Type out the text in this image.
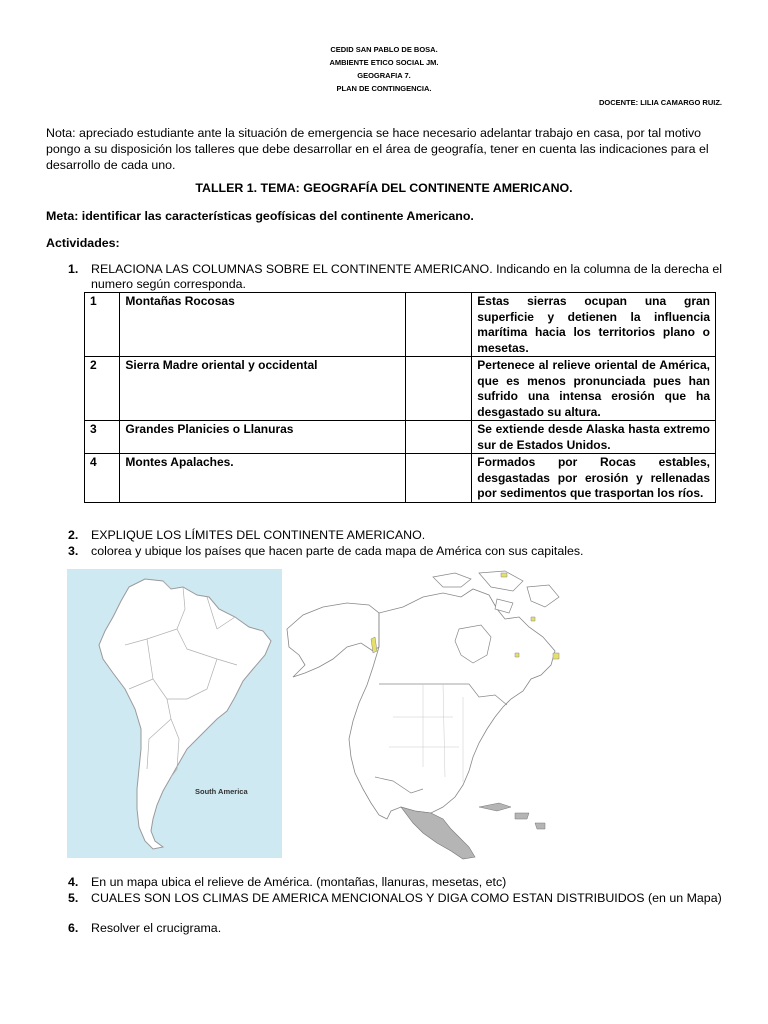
CEDID SAN PABLO DE BOSA.
AMBIENTE ETICO SOCIAL JM.
GEOGRAFIA 7.
PLAN DE CONTINGENCIA.
DOCENTE: LILIA CAMARGO RUIZ.
Nota: apreciado estudiante ante la situación de emergencia se hace necesario adelantar trabajo en casa, por tal motivo pongo a su disposición los talleres que debe desarrollar en el área de geografía, tener en cuenta las indicaciones para el desarrollo de cada uno.
TALLER 1. TEMA: GEOGRAFÍA DEL CONTINENTE AMERICANO.
Meta: identificar las características geofísicas del continente Americano.
Actividades:
1. RELACIONA LAS COLUMNAS SOBRE EL CONTINENTE AMERICANO. Indicando en la columna de la derecha el numero según corresponda.
1	Montañas Rocosas		Estas sierras ocupan una gran superficie y detienen la influencia marítima hacia los territorios plano o mesetas.
2	Sierra Madre oriental y occidental		Pertenece al relieve oriental de América, que es menos pronunciada pues han sufrido una intensa erosión que ha desgastado su altura.
3	Grandes Planicies o Llanuras		Se extiende desde Alaska hasta extremo sur de Estados Unidos.
4	Montes Apalaches.		Formados por Rocas estables, desgastadas por erosión y rellenadas por sedimentos que trasportan los ríos.
2. EXPLIQUE LOS LÍMITES DEL CONTINENTE AMERICANO.
3. colorea y ubique los países que hacen parte de cada mapa de América con sus capitales.
South America
4. En un mapa ubica el relieve de América. (montañas, llanuras, mesetas, etc)
5. CUALES SON LOS CLIMAS DE AMERICA MENCIONALOS Y DIGA COMO ESTAN DISTRIBUIDOS (en un Mapa)
6. Resolver el crucigrama.
